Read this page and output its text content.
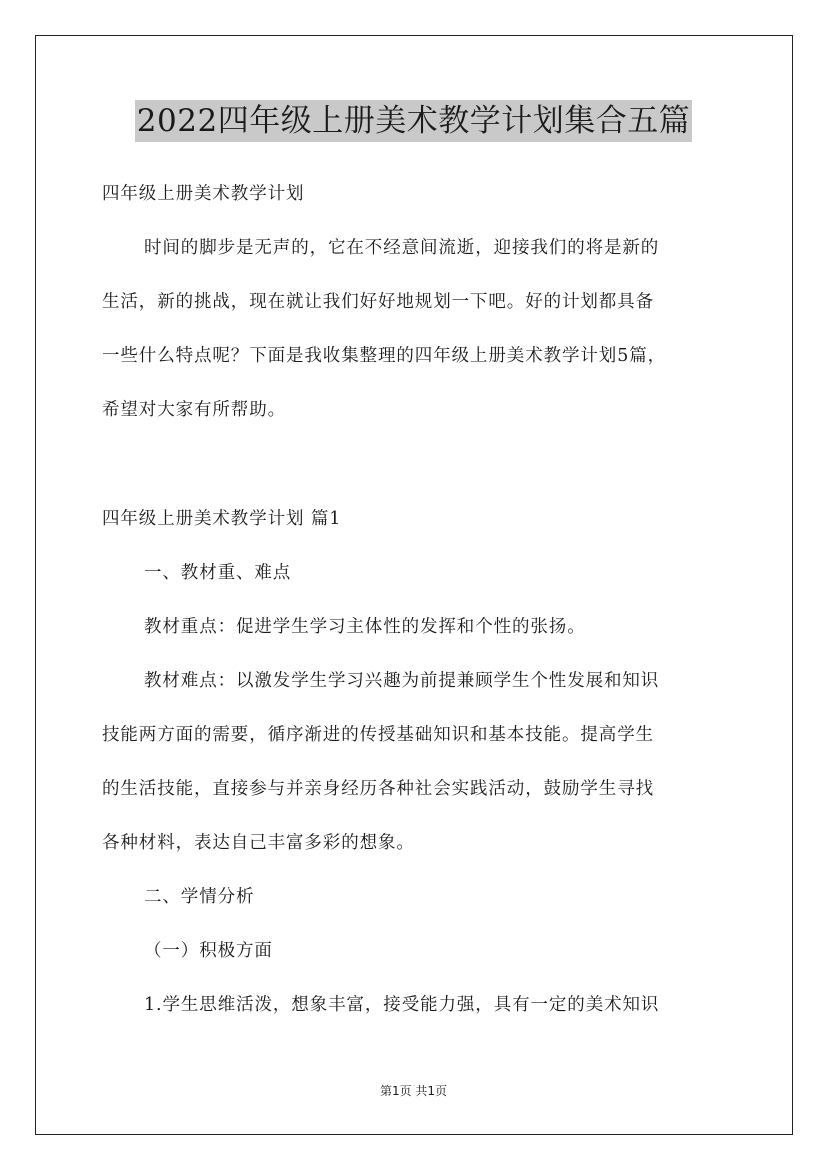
2022四年级上册美术教学计划集合五篇
四年级上册美术教学计划
时间的脚步是无声的，它在不经意间流逝，迎接我们的将是新的
生活，新的挑战，现在就让我们好好地规划一下吧。好的计划都具备
一些什么特点呢？下面是我收集整理的四年级上册美术教学计划5篇，
希望对大家有所帮助。
四年级上册美术教学计划 篇1
一、教材重、难点
教材重点：促进学生学习主体性的发挥和个性的张扬。
教材难点：以激发学生学习兴趣为前提兼顾学生个性发展和知识
技能两方面的需要，循序渐进的传授基础知识和基本技能。提高学生
的生活技能，直接参与并亲身经历各种社会实践活动，鼓励学生寻找
各种材料，表达自己丰富多彩的想象。
二、学情分析
（一）积极方面
1.学生思维活泼，想象丰富，接受能力强，具有一定的美术知识
第1页 共1页
